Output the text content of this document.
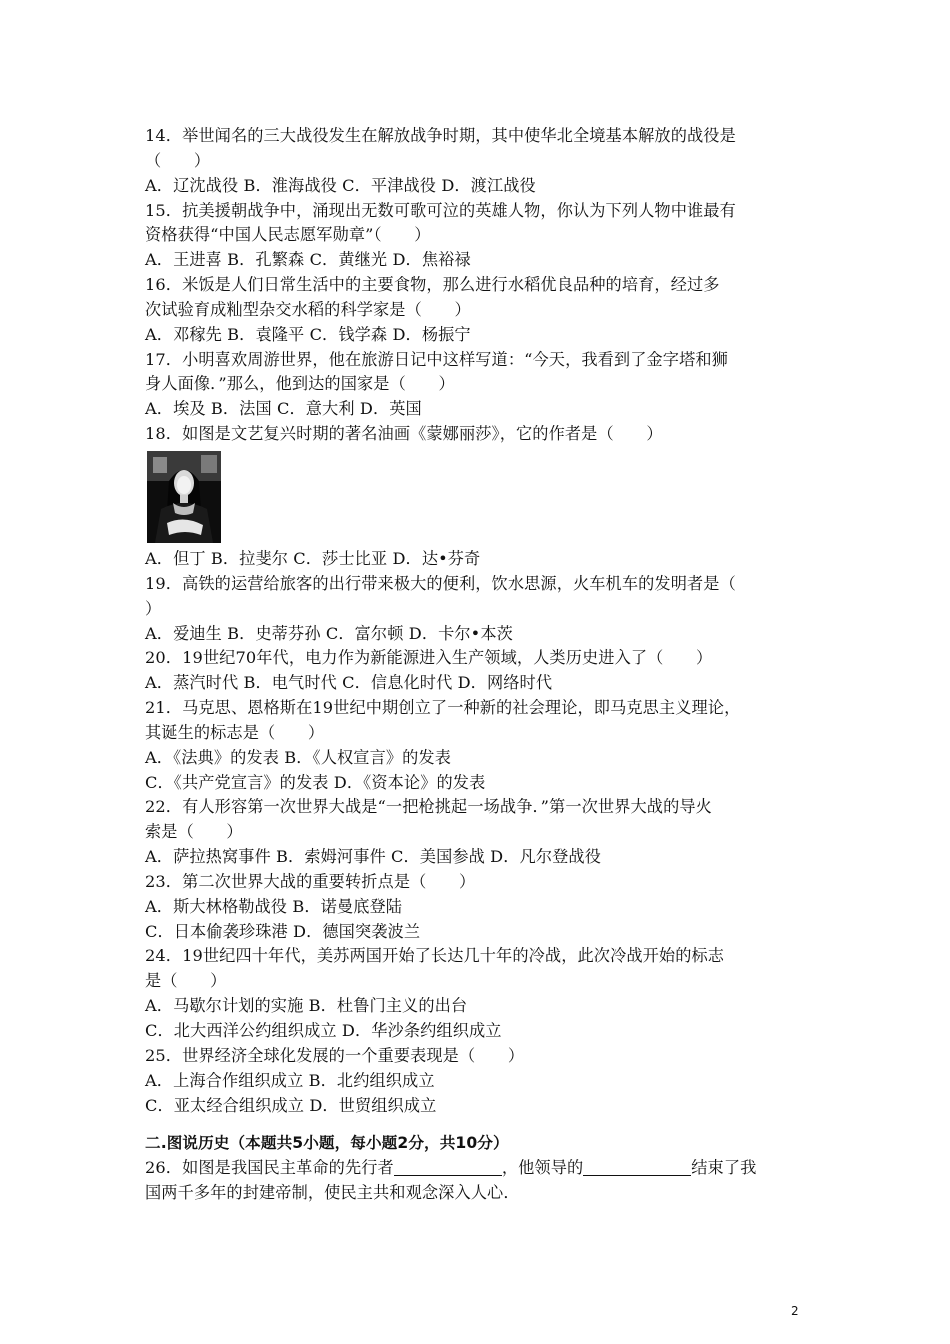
14．举世闻名的三大战役发生在解放战争时期，其中使华北全境基本解放的战役是
（　　）
A．辽沈战役 B．淮海战役 C．平津战役 D．渡江战役
15．抗美援朝战争中，涌现出无数可歌可泣的英雄人物，你认为下列人物中谁最有
资格获得“中国人民志愿军勋章”（　　）
A．王进喜 B．孔繁森 C．黄继光 D．焦裕禄
16．米饭是人们日常生活中的主要食物，那么进行水稻优良品种的培育，经过多
次试验育成籼型杂交水稻的科学家是（　　）
A．邓稼先 B．袁隆平 C．钱学森 D．杨振宁
17．小明喜欢周游世界，他在旅游日记中这样写道：“今天，我看到了金字塔和狮
身人面像．”那么，他到达的国家是（　　）
A．埃及 B．法国 C．意大利 D．英国
18．如图是文艺复兴时期的著名油画《蒙娜丽莎》，它的作者是（　　）
A．但丁 B．拉斐尔 C．莎士比亚 D．达•芬奇
19．高铁的运营给旅客的出行带来极大的便利，饮水思源，火车机车的发明者是（
）
A．爱迪生 B．史蒂芬孙 C．富尔顿 D．卡尔•本茨
20．19世纪70年代，电力作为新能源进入生产领域，人类历史进入了（　　）
A．蒸汽时代 B．电气时代 C．信息化时代 D．网络时代
21．马克思、恩格斯在19世纪中期创立了一种新的社会理论，即马克思主义理论，
其诞生的标志是（　　）
A．《法典》的发表 B．《人权宣言》的发表
C．《共产党宣言》的发表 D．《资本论》的发表
22．有人形容第一次世界大战是“一把枪挑起一场战争．”第一次世界大战的导火
索是（　　）
A．萨拉热窝事件 B．索姆河事件 C．美国参战 D．凡尔登战役
23．第二次世界大战的重要转折点是（　　）
A．斯大林格勒战役 B．诺曼底登陆
C．日本偷袭珍珠港 D．德国突袭波兰
24．19世纪四十年代，美苏两国开始了长达几十年的冷战，此次冷战开始的标志
是（　　）
A．马歇尔计划的实施 B．杜鲁门主义的出台
C．北大西洋公约组织成立 D．华沙条约组织成立
25．世界经济全球化发展的一个重要表现是（　　）
A．上海合作组织成立 B．北约组织成立
C．亚太经合组织成立 D．世贸组织成立
二.图说历史（本题共5小题，每小题2分，共10分）
26．如图是我国民主革命的先行者	，他领导的	结束了我
国两千多年的封建帝制，使民主共和观念深入人心．
2
